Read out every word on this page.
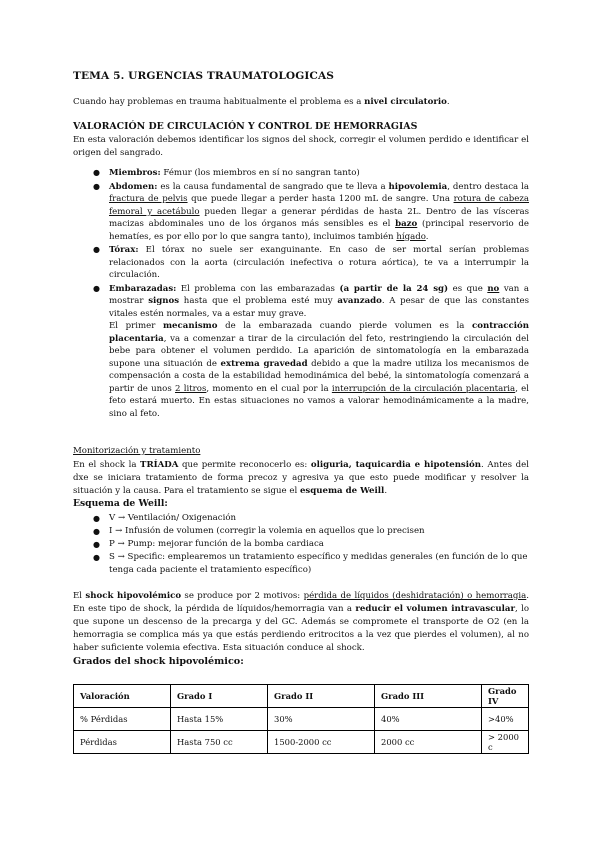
TEMA 5. URGENCIAS TRAUMATOLOGICAS

Cuando hay problemas en trauma habitualmente el problema es a nivel circulatorio.

VALORACIÓN DE CIRCULACIÓN Y CONTROL DE HEMORRAGIAS

En esta valoración debemos identificar los signos del shock, corregir el volumen perdido e identificar el origen del sangrado.

● Miembros: Fémur (los miembros en sí no sangran tanto)
● Abdomen: es la causa fundamental de sangrado que te lleva a hipovolemia, dentro destaca la fractura de pelvis que puede llegar a perder hasta 1200 mL de sangre. Una rotura de cabeza femoral y acetábulo pueden llegar a generar pérdidas de hasta 2L. Dentro de las vísceras macizas abdominales uno de los órganos más sensibles es el bazo (principal reservorio de hematíes, es por ello por lo que sangra tanto), incluimos también hígado.
● Tórax: El tórax no suele ser exanguinante. En caso de ser mortal serían problemas relacionados con la aorta (circulación inefectiva o rotura aórtica), te va a interrumpir la circulación.
● Embarazadas: El problema con las embarazadas (a partir de la 24 sg) es que no van a mostrar signos hasta que el problema esté muy avanzado. A pesar de que las constantes vitales estén normales, va a estar muy grave.
El primer mecanismo de la embarazada cuando pierde volumen es la contracción placentaria, va a comenzar a tirar de la circulación del feto, restringiendo la circulación del bebe para obtener el volumen perdido. La aparición de sintomatología en la embarazada supone una situación de extrema gravedad debido a que la madre utiliza los mecanismos de compensación a costa de la estabilidad hemodinámica del bebé, la sintomatología comenzará a partir de unos 2 litros, momento en el cual por la interrupción de la circulación placentaria, el feto estará muerto. En estas situaciones no vamos a valorar hemodinámicamente a la madre, sino al feto.

Monitorización y tratamiento

En el shock la TRÍADA que permite reconocerlo es: oliguria, taquicardia e hipotensión. Antes del dxe se iniciara tratamiento de forma precoz y agresiva ya que esto puede modificar y resolver la situación y la causa. Para el tratamiento se sigue el esquema de Weill.

Esquema de Weill:

● V → Ventilación/ Oxigenación
● I → Infusión de volumen (corregir la volemia en aquellos que lo precisen
● P → Pump: mejorar función de la bomba cardiaca
● S → Specific: emplearemos un tratamiento específico y medidas generales (en función de lo que tenga cada paciente el tratamiento específico)

El shock hipovolémico se produce por 2 motivos: pérdida de líquidos (deshidratación) o hemorragia. En este tipo de shock, la pérdida de líquidos/hemorragia van a reducir el volumen intravascular, lo que supone un descenso de la precarga y del GC. Además se compromete el transporte de O2 (en la hemorragia se complica más ya que estás perdiendo eritrocitos a la vez que pierdes el volumen), al no haber suficiente volemia efectiva. Esta situación conduce al shock.

Grados del shock hipovolémico:

Valoración	Grado I	Grado II	Grado III	Grado IV
% Pérdidas	Hasta 15%	30%	40%	>40%
Pérdidas	Hasta 750 cc	1500-2000 cc	2000 cc	> 2000 c
